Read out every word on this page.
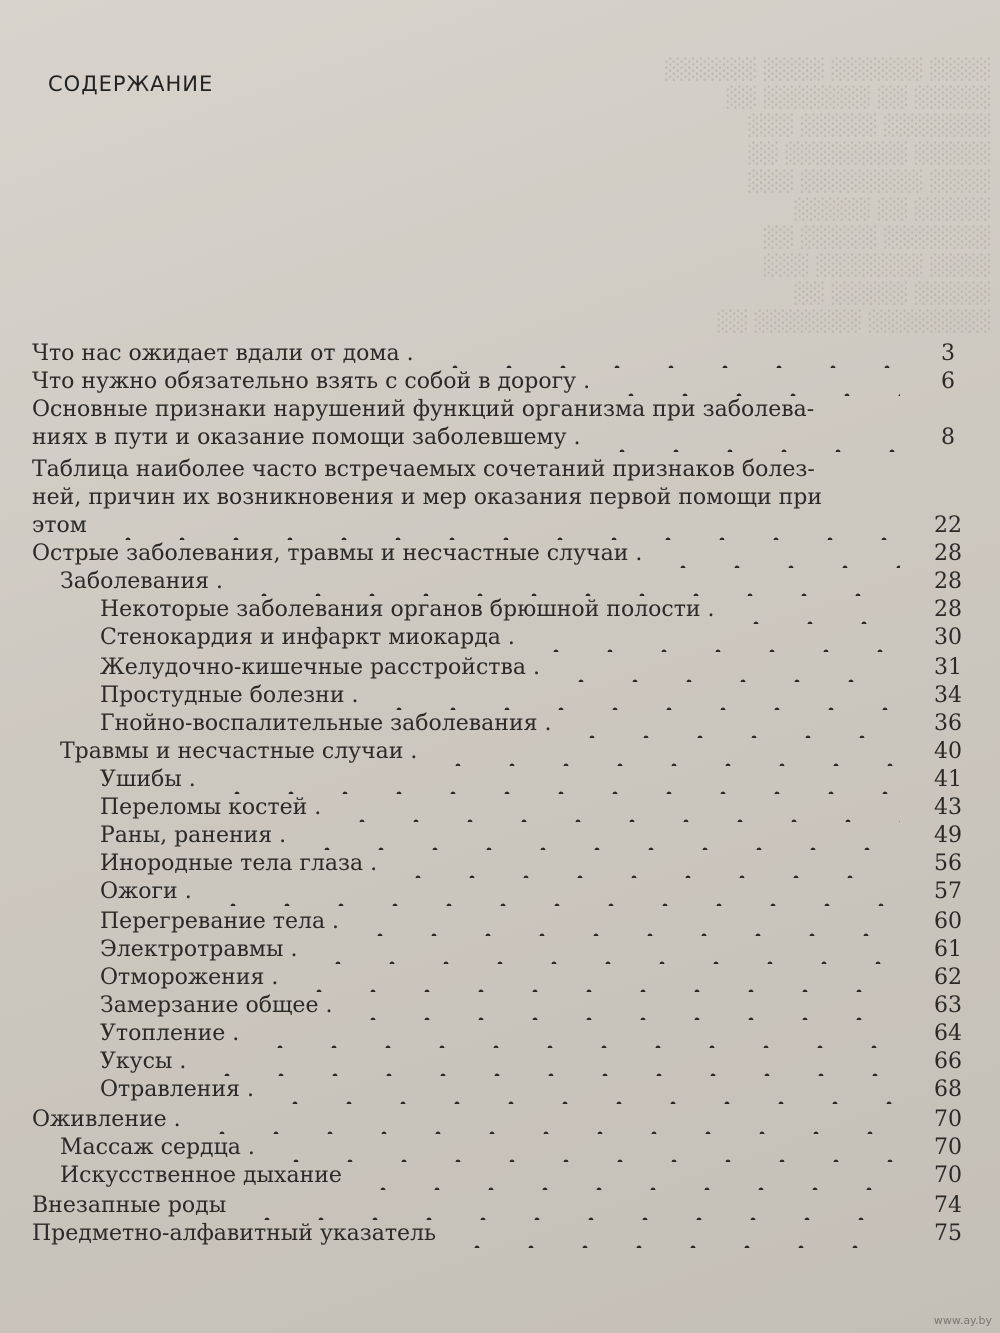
░░░░ ░░░░░░ ░░░░ ░░░░░░
░░░░░ ░░ ░░░░░░░ ░░
░░░░░░░ ░░░░░ ░░░
░░░░░ ░░░░░░░░ ░░
░░░░ ░░░░░░░░ ░░░
░░░░░ ░░ ░░░░░
░░░░░░░ ░░░░░ ░░
░░░░ ░░░░░░░ ░░░
░░░░░ ░░░░░ ░░
░░░░░░░░ ░░░░░░░ ░░
СОДЕРЖАНИЕ
Что нас ожидает вдали от дома .	3
Что нужно обязательно взять с собой в дорогу .	6
Основные признаки нарушений функций организма при заболева-
ниях в пути и оказание помощи заболевшему .	8
Таблица наиболее часто встречаемых сочетаний признаков болез-
ней, причин их возникновения и мер оказания первой помощи при
этом	22
Острые заболевания, травмы и несчастные случаи .	28
Заболевания .	28
Некоторые заболевания органов брюшной полости .	28
Стенокардия и инфаркт миокарда .	30
Желудочно-кишечные расстройства .	31
Простудные болезни .	34
Гнойно-воспалительные заболевания .	36
Травмы и несчастные случаи .	40
Ушибы .	41
Переломы костей .	43
Раны, ранения .	49
Инородные тела глаза .	56
Ожоги .	57
Перегревание тела .	60
Электротравмы .	61
Отморожения .	62
Замерзание общее .	63
Утопление .	64
Укусы .	66
Отравления .	68
Оживление .	70
Массаж сердца .	70
Искусственное дыхание	70
Внезапные роды	74
Предметно-алфавитный указатель	75
www.ay.by
